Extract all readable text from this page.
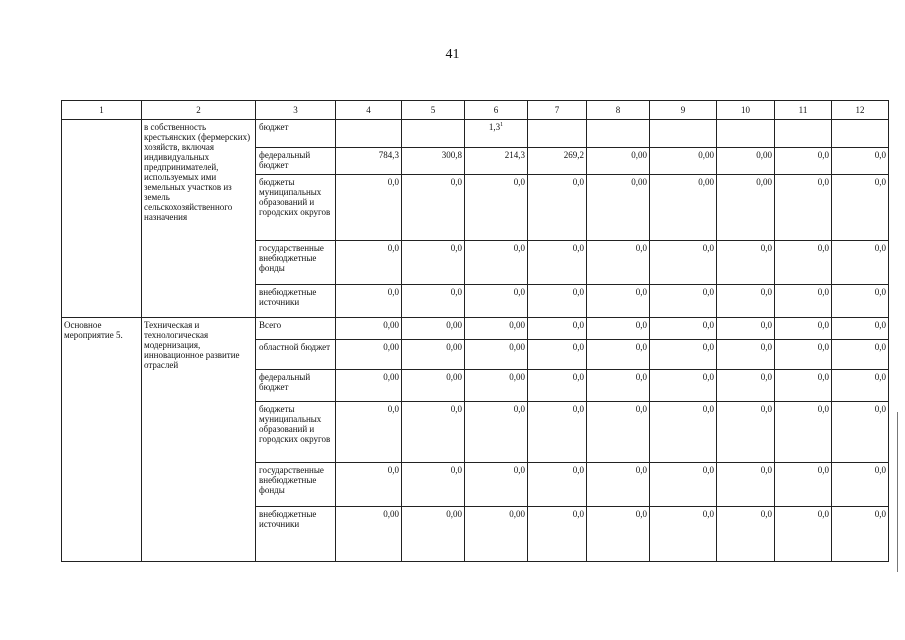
41
1	2	3	4	5	6	7	8	9	10	11	12
	в собственность крестьянских (фермерских) хозяйств, включая индивидуальных предпринимателей, используемых ими земельных участков из земель сельскохозяйственного назначения	бюджет			$1,3^1$						
		федеральный бюджет	784,3	300,8	214,3	269,2	0,00	0,00	0,00	0,0	0,0
		бюджеты муниципальных образований и городских округов	0,0	0,0	0,0	0,0	0,00	0,00	0,00	0,0	0,0
		государственные внебюджетные фонды	0,0	0,0	0,0	0,0	0,0	0,0	0,0	0,0	0,0
		внебюджетные источники	0,0	0,0	0,0	0,0	0,0	0,0	0,0	0,0	0,0
Основное мероприятие 5.	Техническая и технологическая модернизация, инновационное развитие отраслей	Всего	0,00	0,00	0,00	0,0	0,0	0,0	0,0	0,0	0,0
		областной бюджет	0,00	0,00	0,00	0,0	0,0	0,0	0,0	0,0	0,0
		федеральный бюджет	0,00	0,00	0,00	0,0	0,0	0,0	0,0	0,0	0,0
		бюджеты муниципальных образований и городских округов	0,0	0,0	0,0	0,0	0,0	0,0	0,0	0,0	0,0
		государственные внебюджетные фонды	0,0	0,0	0,0	0,0	0,0	0,0	0,0	0,0	0,0
		внебюджетные источники	0,00	0,00	0,00	0,0	0,0	0,0	0,0	0,0	0,0
